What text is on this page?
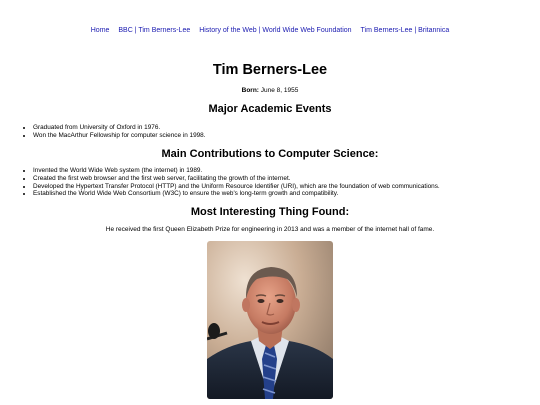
Home BBC | Tim Berners-Lee History of the Web | World Wide Web Foundation Tim Berners-Lee | Britannica
Tim Berners-Lee
Born: June 8, 1955
Major Academic Events
• Graduated from University of Oxford in 1976.
• Won the MacArthur Fellowship for computer science in 1998.
Main Contributions to Computer Science:
• Invented the World Wide Web system (the internet) in 1989.
• Created the first web browser and the first web server, facilitating the growth of the internet.
• Developed the Hypertext Transfer Protocol (HTTP) and the Uniform Resource Identifier (URI), which are the foundation of web communications.
• Established the World Wide Web Consortium (W3C) to ensure the web's long-term growth and compatibility.
Most Interesting Thing Found:

He received the first Queen Elizabeth Prize for engineering in 2013 and was a member of the internet hall of fame.
